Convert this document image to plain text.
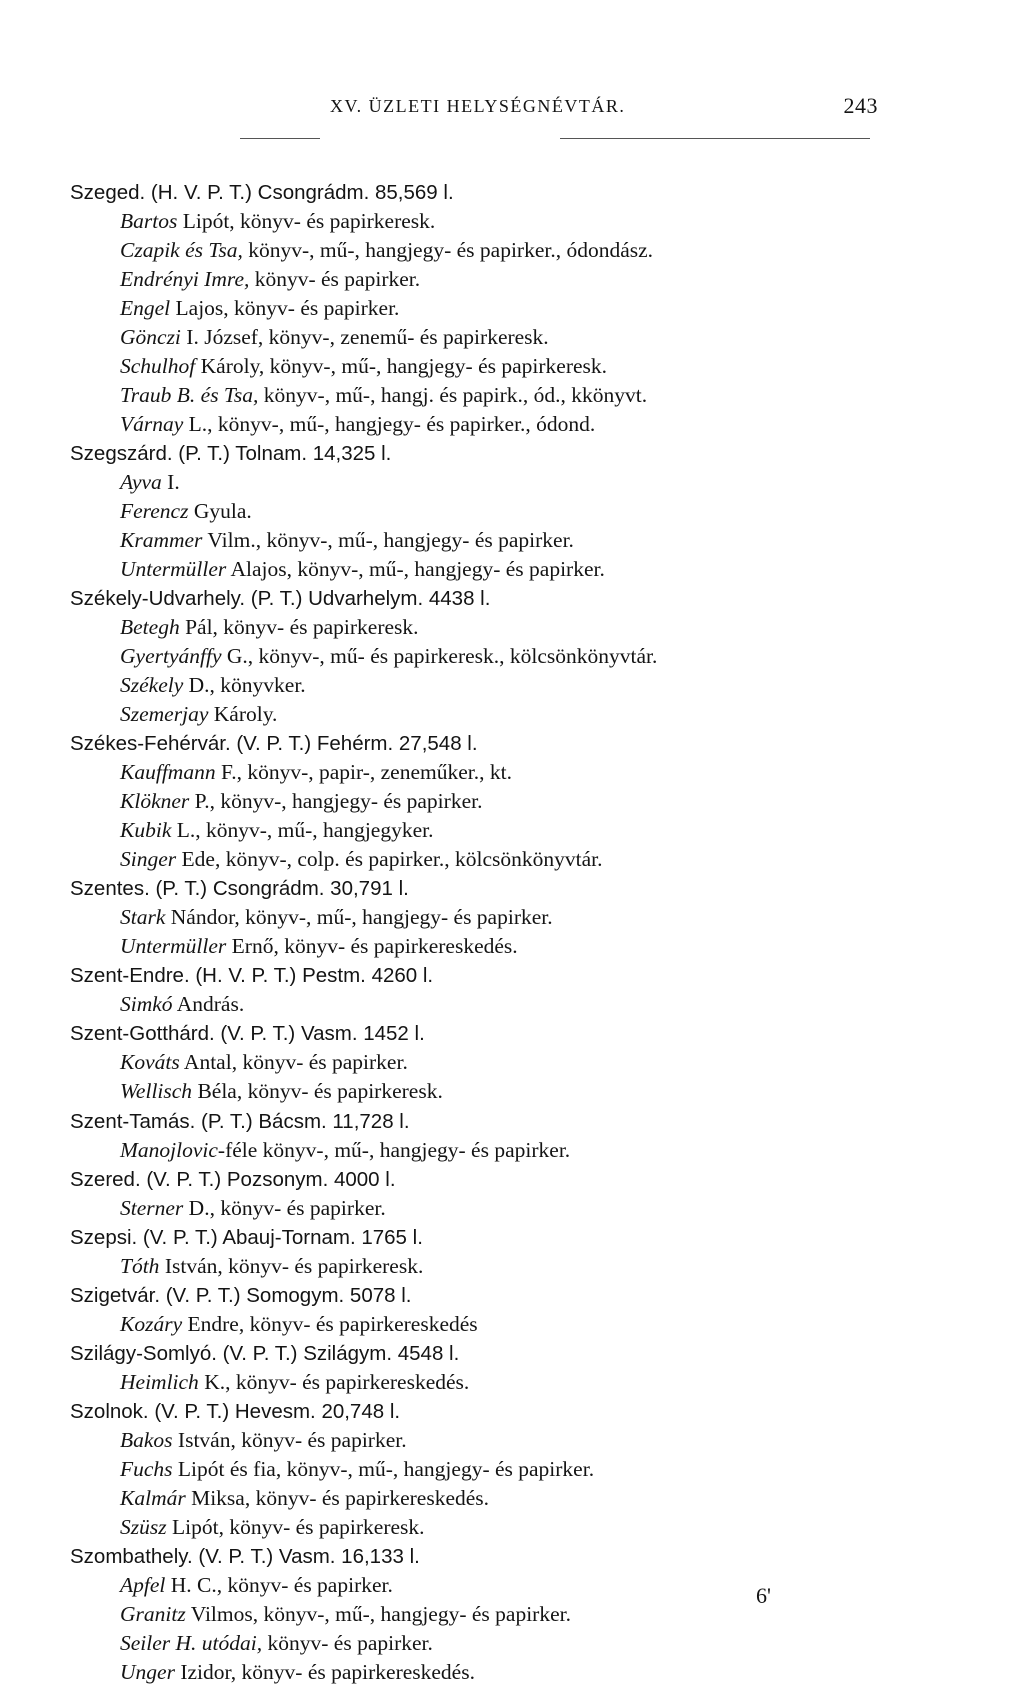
XV. ÜZLETI HELYSÉGNÉVTÁR.	243
Szeged. (H. V. P. T.) Csongrádm. 85,569 l.
Bartos Lipót, könyv- és papirkeresk.
Czapik és Tsa, könyv-, mű-, hangjegy- és papirker., ódondász.
Endrényi Imre, könyv- és papirker.
Engel Lajos, könyv- és papirker.
Gönczi I. József, könyv-, zenemű- és papirkeresk.
Schulhof Károly, könyv-, mű-, hangjegy- és papirkeresk.
Traub B. és Tsa, könyv-, mű-, hangj. és papirk., ód., kkönyvt.
Várnay L., könyv-, mű-, hangjegy- és papirker., ódond.
Szegszárd. (P. T.) Tolnam. 14,325 l.
Ayva I.
Ferencz Gyula.
Krammer Vilm., könyv-, mű-, hangjegy- és papirker.
Untermüller Alajos, könyv-, mű-, hangjegy- és papirker.
Székely-Udvarhely. (P. T.) Udvarhelym. 4438 l.
Betegh Pál, könyv- és papirkeresk.
Gyertyánffy G., könyv-, mű- és papirkeresk., kölcsönkönyvtár.
Székely D., könyvker.
Szemerjay Károly.
Székes-Fehérvár. (V. P. T.) Fehérm. 27,548 l.
Kauffmann F., könyv-, papir-, zeneműker., kt.
Klökner P., könyv-, hangjegy- és papirker.
Kubik L., könyv-, mű-, hangjegyker.
Singer Ede, könyv-, colp. és papirker., kölcsönkönyvtár.
Szentes. (P. T.) Csongrádm. 30,791 l.
Stark Nándor, könyv-, mű-, hangjegy- és papirker.
Untermüller Ernő, könyv- és papirkereskedés.
Szent-Endre. (H. V. P. T.) Pestm. 4260 l.
Simkó András.
Szent-Gotthárd. (V. P. T.) Vasm. 1452 l.
Kováts Antal, könyv- és papirker.
Wellisch Béla, könyv- és papirkeresk.
Szent-Tamás. (P. T.) Bácsm. 11,728 l.
Manojlovic-féle könyv-, mű-, hangjegy- és papirker.
Szered. (V. P. T.) Pozsonym. 4000 l.
Sterner D., könyv- és papirker.
Szepsi. (V. P. T.) Abauj-Tornam. 1765 l.
Tóth István, könyv- és papirkeresk.
Szigetvár. (V. P. T.) Somogym. 5078 l.
Kozáry Endre, könyv- és papirkereskedés
Szilágy-Somlyó. (V. P. T.) Szilágym. 4548 l.
Heimlich K., könyv- és papirkereskedés.
Szolnok. (V. P. T.) Hevesm. 20,748 l.
Bakos István, könyv- és papirker.
Fuchs Lipót és fia, könyv-, mű-, hangjegy- és papirker.
Kalmár Miksa, könyv- és papirkereskedés.
Szüsz Lipót, könyv- és papirkeresk.
Szombathely. (V. P. T.) Vasm. 16,133 l.
Apfel H. C., könyv- és papirker.
Granitz Vilmos, könyv-, mű-, hangjegy- és papirker.
Seiler H. utódai, könyv- és papirker.
Unger Izidor, könyv- és papirkereskedés.
6'
